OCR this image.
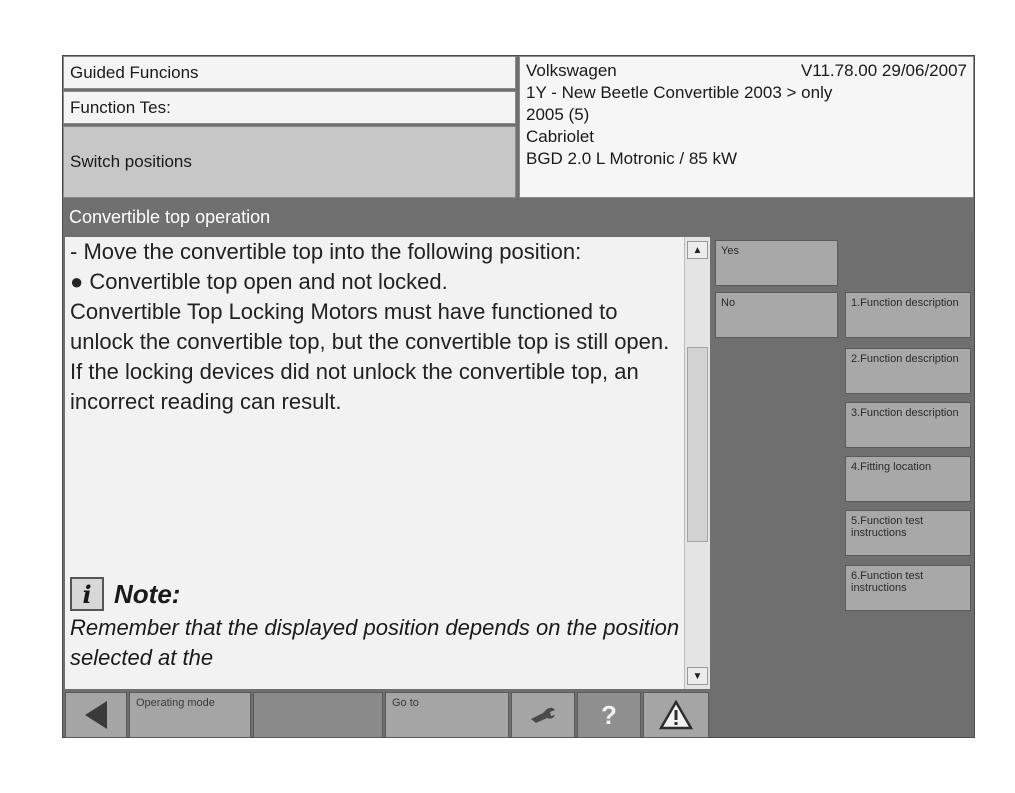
Guided Funcions
Function Tes:
Switch positions
Volkswagen	V11.78.00 29/06/2007
1Y - New Beetle Convertible 2003 > only
2005 (5)
Cabriolet
BGD 2.0 L Motronic / 85 kW
Convertible top operation

- Move the convertible top into the following position:

● Convertible top open and not locked.

Convertible Top Locking Motors must have functioned to unlock the convertible top, but the convertible top is still open. If the locking devices did not unlock the convertible top, an incorrect reading can result.

i Note:
Remember that the displayed position depends on the position selected at the
▲
▼
Yes
No	1.Function description
2.Function description
3.Function description
4.Fitting location
5.Function test instructions
6.Function test instructions
Operating mode	Go to	?
